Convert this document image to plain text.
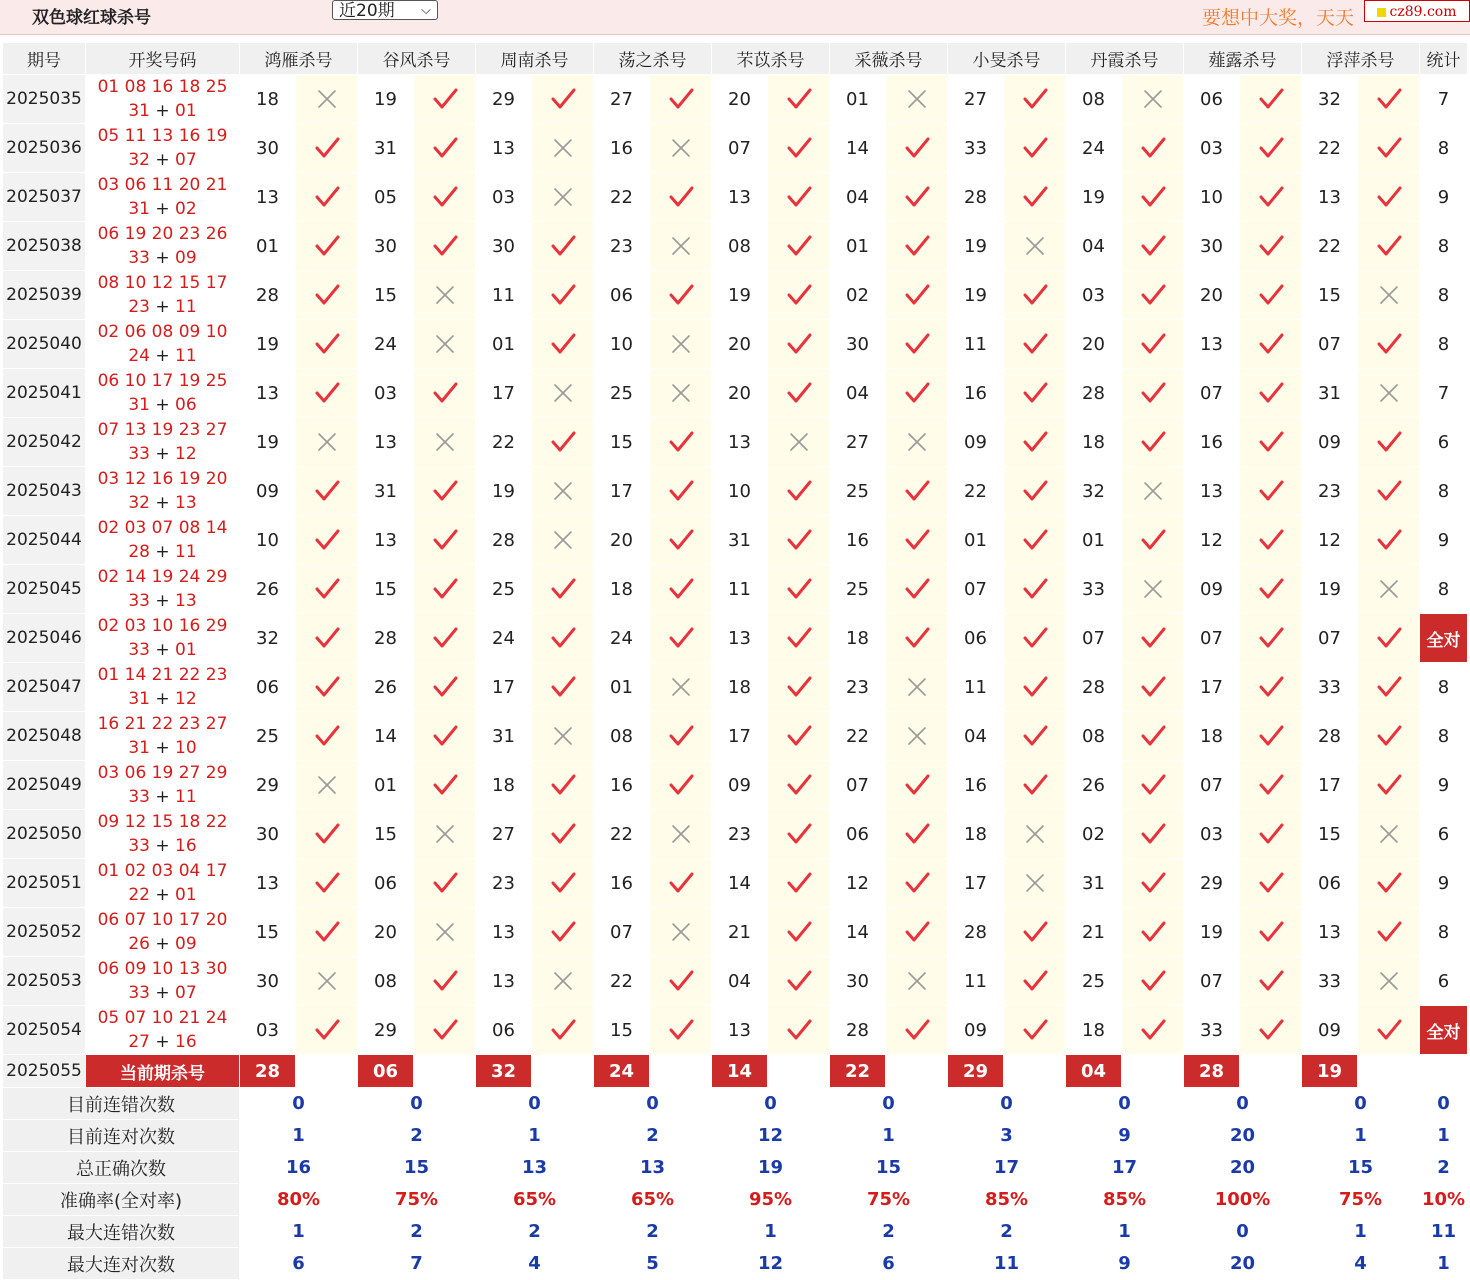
双色球红球杀号	近20期 ⌵	要想中大奖，天天	cz89.com
期号	开奖号码	鸿雁杀号		谷风杀号		周南杀号		荡之杀号		芣苡杀号		采薇杀号		小旻杀号		丹霞杀号		薤露杀号		浮萍杀号		统计
2025035	01 08 16 18 25
31 + 01	18		19		29		27		20		01		27		08		06		32		7
2025036	05 11 13 16 19
32 + 07	30		31		13		16		07		14		33		24		03		22		8
2025037	03 06 11 20 21
31 + 02	13		05		03		22		13		04		28		19		10		13		9
2025038	06 19 20 23 26
33 + 09	01		30		30		23		08		01		19		04		30		22		8
2025039	08 10 12 15 17
23 + 11	28		15		11		06		19		02		19		03		20		15		8
2025040	02 06 08 09 10
24 + 11	19		24		01		10		20		30		11		20		13		07		8
2025041	06 10 17 19 25
31 + 06	13		03		17		25		20		04		16		28		07		31		7
2025042	07 13 19 23 27
33 + 12	19		13		22		15		13		27		09		18		16		09		6
2025043	03 12 16 19 20
32 + 13	09		31		19		17		10		25		22		32		13		23		8
2025044	02 03 07 08 14
28 + 11	10		13		28		20		31		16		01		01		12		12		9
2025045	02 14 19 24 29
33 + 13	26		15		25		18		11		25		07		33		09		19		8
2025046	02 03 10 16 29
33 + 01	32		28		24		24		13		18		06		07		07		07		全对
2025047	01 14 21 22 23
31 + 12	06		26		17		01		18		23		11		28		17		33		8
2025048	16 21 22 23 27
31 + 10	25		14		31		08		17		22		04		08		18		28		8
2025049	03 06 19 27 29
33 + 11	29		01		18		16		09		07		16		26		07		17		9
2025050	09 12 15 18 22
33 + 16	30		15		27		22		23		06		18		02		03		15		6
2025051	01 02 03 04 17
22 + 01	13		06		23		16		14		12		17		31		29		06		9
2025052	06 07 10 17 20
26 + 09	15		20		13		07		21		14		28		21		19		13		8
2025053	06 09 10 13 30
33 + 07	30		08		13		22		04		30		11		25		07		33		6
2025054	05 07 10 21 24
27 + 16	03		29		06		15		13		28		09		18		33		09		全对
2025055	当前期杀号	28		06		32		24		14		22		29		04		28		19		
目前连错次数		0		0		0		0		0		0		0		0		0		0		0
目前连对次数		1		2		1		2		12		1		3		9		20		1		1
总正确次数		16		15		13		13		19		15		17		17		20		15		2
准确率(全对率)		80%		75%		65%		65%		95%		75%		85%		85%		100%		75%		10%
最大连错次数		1		2		2		2		1		2		2		1		0		1		11
最大连对次数		6		7		4		5		12		6		11		9		20		4		1
